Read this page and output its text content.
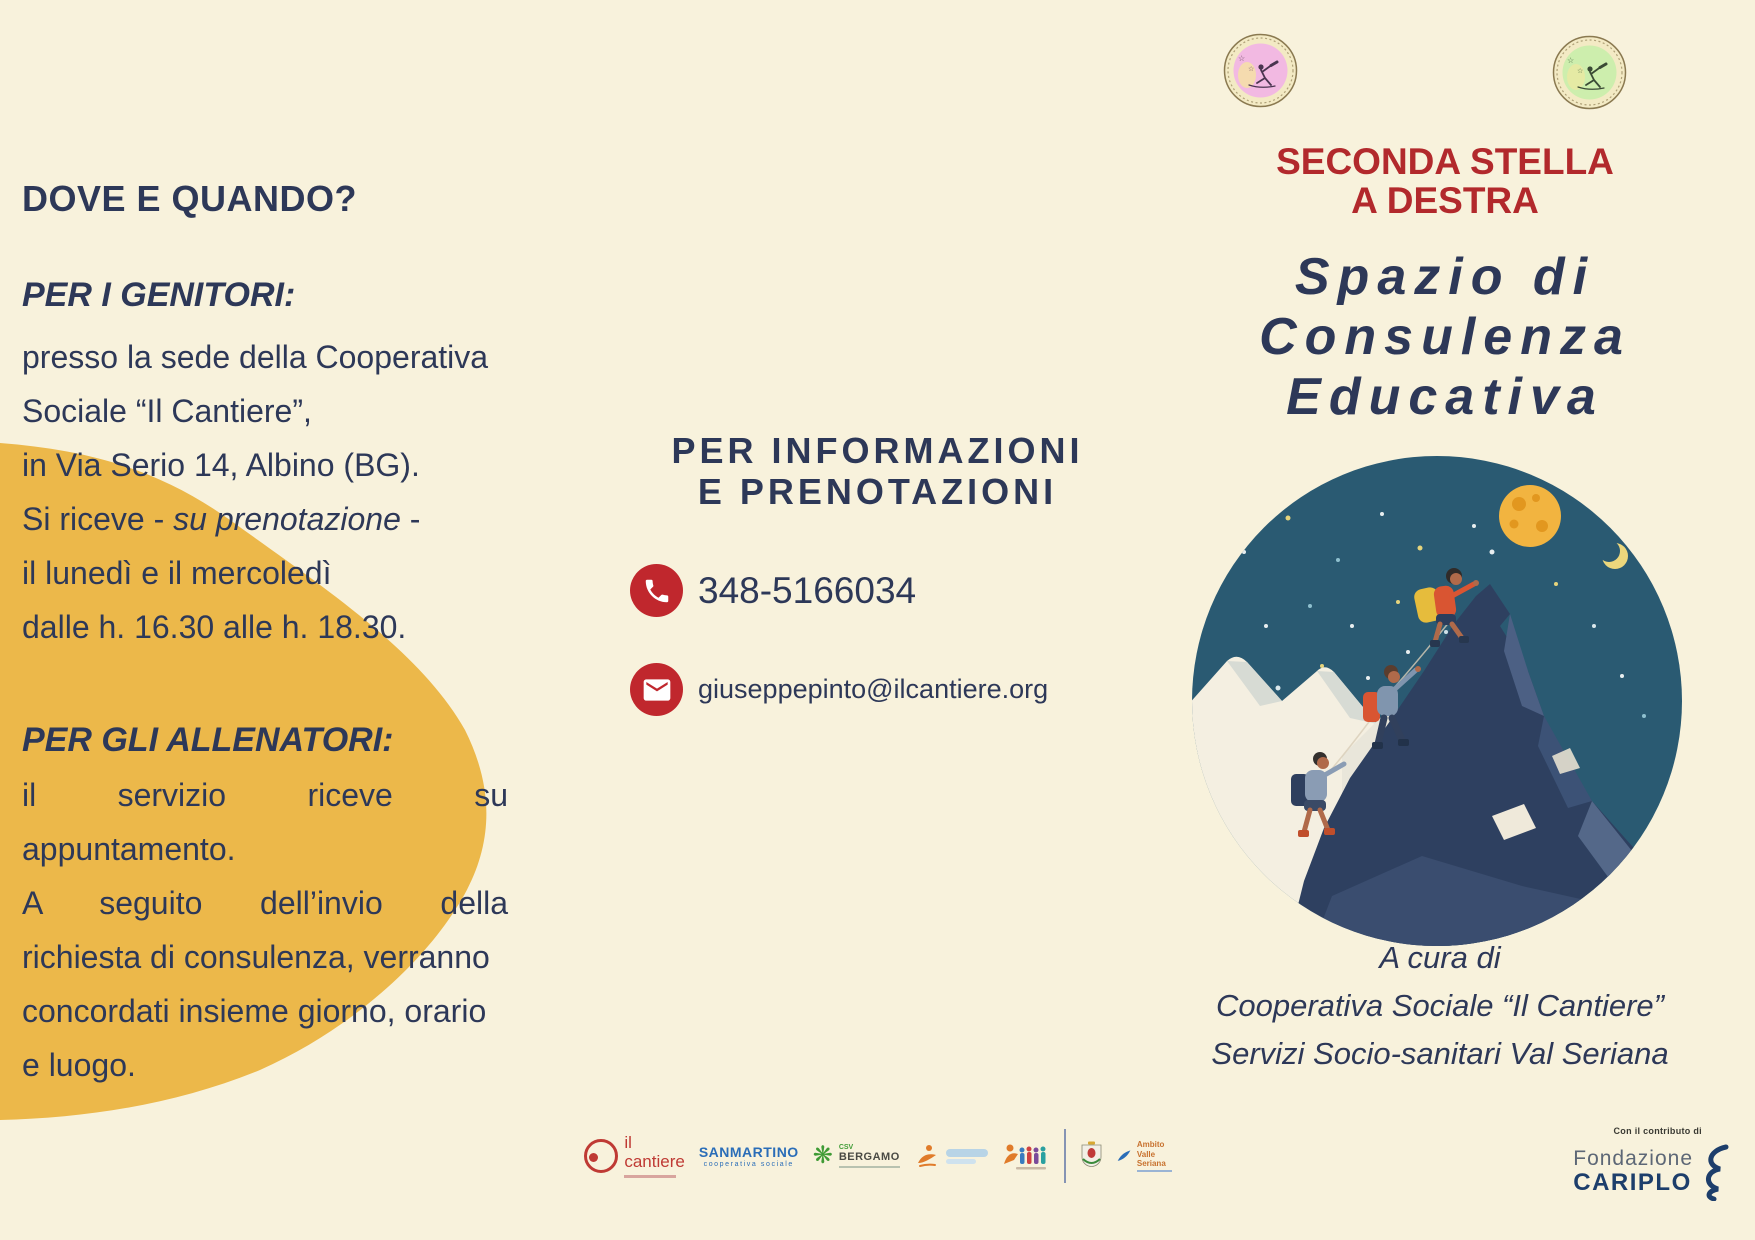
DOVE E QUANDO?
PER I GENITORI:
presso la sede della Cooperativa
Sociale “Il Cantiere”,
in Via Serio 14, Albino (BG).
Si riceve - su prenotazione -
il lunedì e il mercoledì
dalle h. 16.30 alle h. 18.30.
PER GLI ALLENATORI:
il servizio riceve su
appuntamento.
A seguito dell’invio della
richiesta di consulenza, verranno
concordati insieme giorno, orario
e luogo.
PER INFORMAZIONI
E PRENOTAZIONI
348-5166034
giuseppepinto@ilcantiere.org
il cantiere
SANMARTINO
cooperativa sociale ❋ CSV
BERGAMO
Ambito
Valle Seriana
☆
☆
☆
☆
SECONDA STELLA
A DESTRA
Spazio di
Consulenza
Educativa
A cura di
Cooperativa Sociale “Il Cantiere”
Servizi Socio-sanitari Val Seriana
Con il contributo di
Fondazione
CARIPLO
